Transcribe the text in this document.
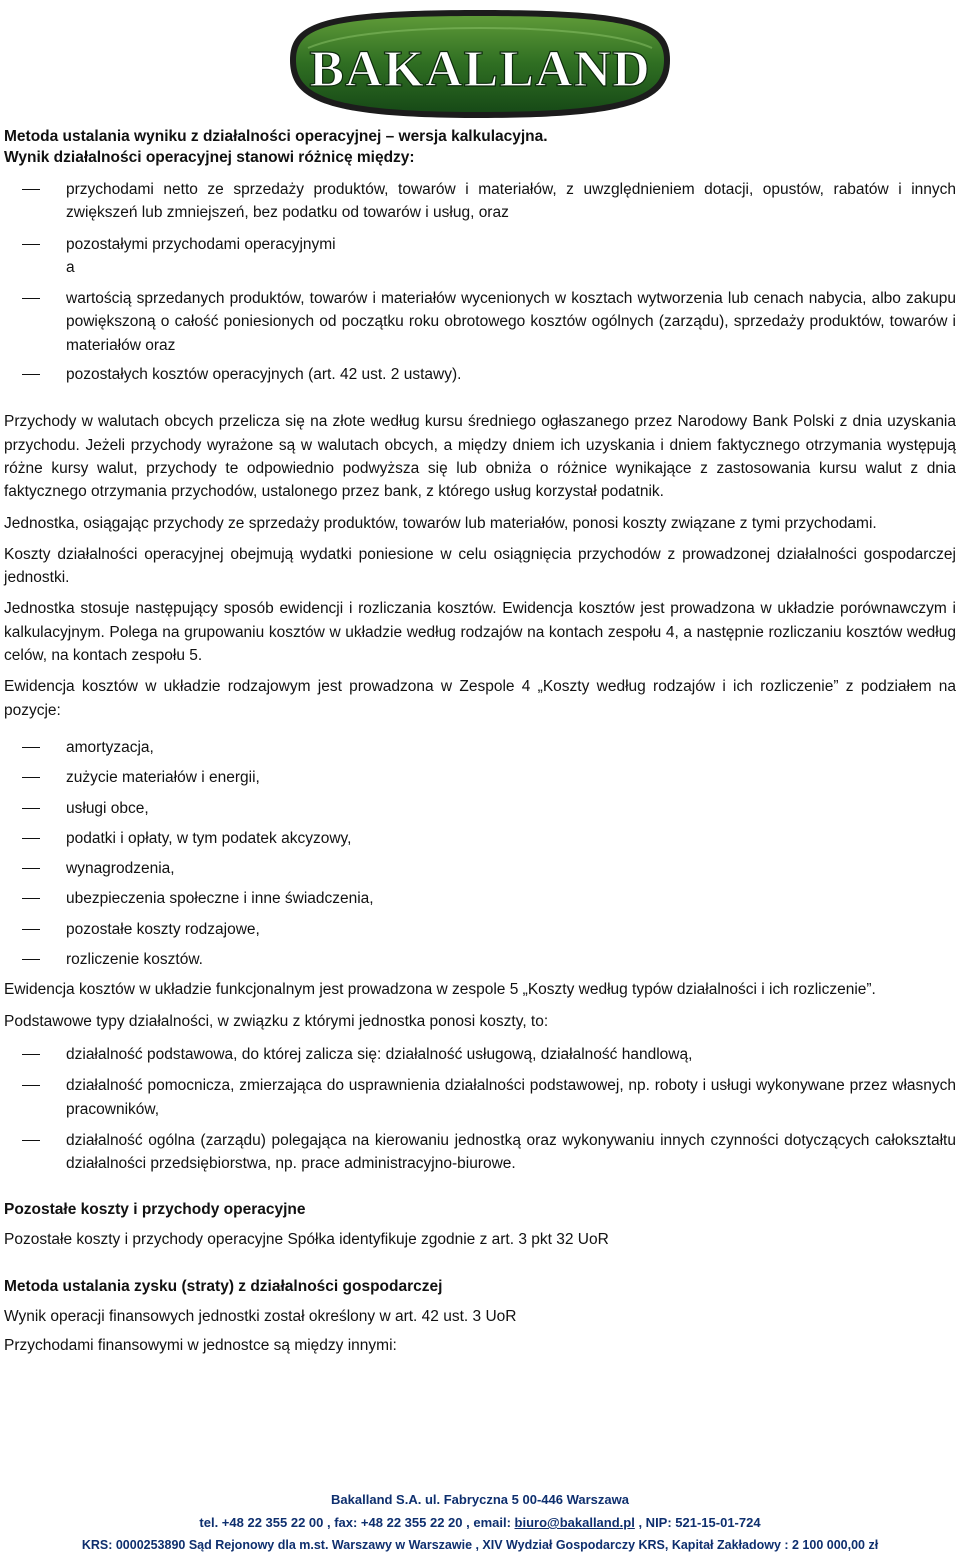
BAKALLAND
Metoda ustalania wyniku z działalności operacyjnej – wersja kalkulacyjna.
Wynik działalności operacyjnej stanowi różnicę między:
przychodami netto ze sprzedaży produktów, towarów i materiałów, z uwzględnieniem dotacji, opustów, rabatów i innych zwiększeń lub zmniejszeń, bez podatku od towarów i usług, oraz
pozostałymi przychodami operacyjnymi
a
wartością sprzedanych produktów, towarów i materiałów wycenionych w kosztach wytworzenia lub cenach nabycia, albo zakupu powiększoną o całość poniesionych od początku roku obrotowego kosztów ogólnych (zarządu), sprzedaży produktów, towarów i materiałów oraz
pozostałych kosztów operacyjnych (art. 42 ust. 2 ustawy).

Przychody w walutach obcych przelicza się na złote według kursu średniego ogłaszanego przez Narodowy Bank Polski z dnia uzyskania przychodu. Jeżeli przychody wyrażone są w walutach obcych, a między dniem ich uzyskania i dniem faktycznego otrzymania występują różne kursy walut, przychody te odpowiednio podwyższa się lub obniża o różnice wynikające z zastosowania kursu walut z dnia faktycznego otrzymania przychodów, ustalonego przez bank, z którego usług korzystał podatnik.

Jednostka, osiągając przychody ze sprzedaży produktów, towarów lub materiałów, ponosi koszty związane z tymi przychodami.

Koszty działalności operacyjnej obejmują wydatki poniesione w celu osiągnięcia przychodów z prowadzonej działalności gospodarczej jednostki.

Jednostka stosuje następujący sposób ewidencji i rozliczania kosztów. Ewidencja kosztów jest prowadzona w układzie porównawczym i kalkulacyjnym. Polega na grupowaniu kosztów w układzie według rodzajów na kontach zespołu 4, a następnie rozliczaniu kosztów według celów, na kontach zespołu 5.

Ewidencja kosztów w układzie rodzajowym jest prowadzona w Zespole 4 „Koszty według rodzajów i ich rozliczenie” z podziałem na pozycje:

amortyzacja,
zużycie materiałów i energii,
usługi obce,
podatki i opłaty, w tym podatek akcyzowy,
wynagrodzenia,
ubezpieczenia społeczne i inne świadczenia,
pozostałe koszty rodzajowe,
rozliczenie kosztów.

Ewidencja kosztów w układzie funkcjonalnym jest prowadzona w zespole 5 „Koszty według typów działalności i ich rozliczenie”.

Podstawowe typy działalności, w związku z którymi jednostka ponosi koszty, to:

działalność podstawowa, do której zalicza się: działalność usługową, działalność handlową,
działalność pomocnicza, zmierzająca do usprawnienia działalności podstawowej, np. roboty i usługi wykonywane przez własnych pracowników,
działalność ogólna (zarządu) polegająca na kierowaniu jednostką oraz wykonywaniu innych czynności dotyczących całokształtu działalności przedsiębiorstwa, np. prace administracyjno-biurowe.
Pozostałe koszty i przychody operacyjne

Pozostałe koszty i przychody operacyjne Spółka identyfikuje zgodnie z art. 3 pkt 32 UoR

Metoda ustalania zysku (straty) z działalności gospodarczej

Wynik operacji finansowych jednostki został określony w art. 42 ust. 3 UoR

Przychodami finansowymi w jednostce są między innymi:

Bakalland S.A. ul. Fabryczna 5 00-446 Warszawa
tel. +48 22 355 22 00 , fax: +48 22 355 22 20 , email: biuro@bakalland.pl , NIP: 521-15-01-724
KRS: 0000253890 Sąd Rejonowy dla m.st. Warszawy w Warszawie , XIV Wydział Gospodarczy KRS, Kapitał Zakładowy : 2 100 000,00 zł
